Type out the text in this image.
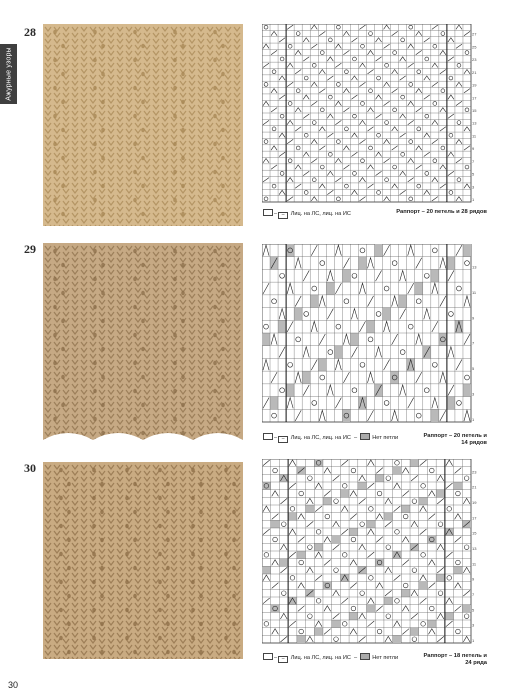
Ажурные узоры
28
1
3
5
7
9
11
13
15
17
19
21
23
25
27
– – Лиц. на ЛС, лиц. на ИС	Раппорт – 20 петель и 28 рядов
29
1
3
5
7
9
11
13
– – Лиц. на ЛС, лиц. на ИС  –  Нет петли	Раппорт – 20 петель и 14 рядов
30
1
3
5
7
9
11
13
15
17
19
21
23
– – Лиц. на ЛС, лиц. на ИС  –  Нет петли	Раппорт – 18 петель и 24 ряда
30
